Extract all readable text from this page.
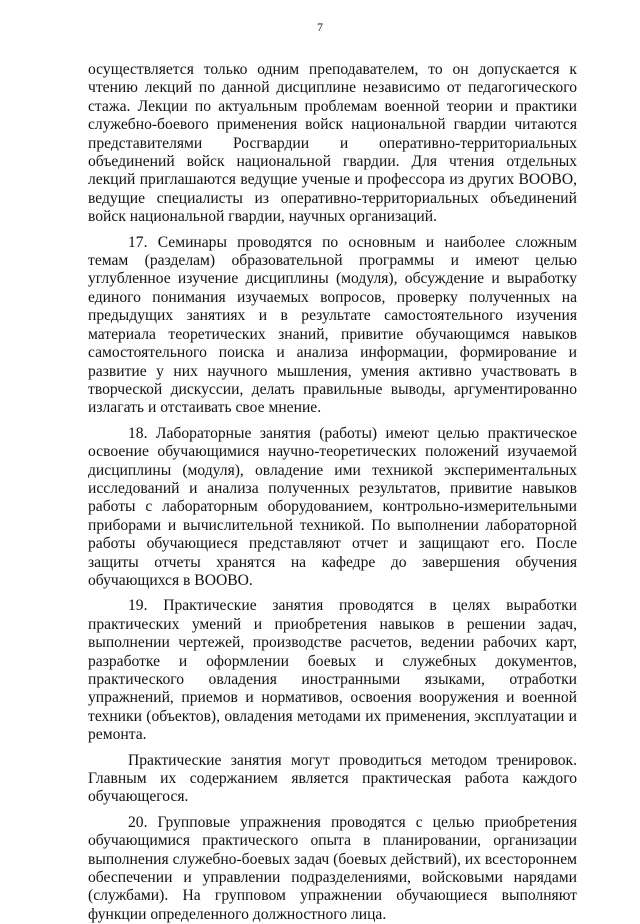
7

осуществляется только одним преподавателем, то он допускается к чтению лекций по данной дисциплине независимо от педагогического стажа. Лекции по актуальным проблемам военной теории и практики служебно-боевого применения войск национальной гвардии читаются представителями Росгвардии и оперативно-территориальных объединений войск национальной гвардии. Для чтения отдельных лекций приглашаются ведущие ученые и профессора из других ВООВО, ведущие специалисты из оперативно-территориальных объединений войск национальной гвардии, научных организаций.

17. Семинары проводятся по основным и наиболее сложным темам (разделам) образовательной программы и имеют целью углубленное изучение дисциплины (модуля), обсуждение и выработку единого понимания изучаемых вопросов, проверку полученных на предыдущих занятиях и в результате самостоятельного изучения материала теоретических знаний, привитие обучающимся навыков самостоятельного поиска и анализа информации, формирование и развитие у них научного мышления, умения активно участвовать в творческой дискуссии, делать правильные выводы, аргументированно излагать и отстаивать свое мнение.

18. Лабораторные занятия (работы) имеют целью практическое освоение обучающимися научно-теоретических положений изучаемой дисциплины (модуля), овладение ими техникой экспериментальных исследований и анализа полученных результатов, привитие навыков работы с лабораторным оборудованием, контрольно-измерительными приборами и вычислительной техникой. По выполнении лабораторной работы обучающиеся представляют отчет и защищают его. После защиты отчеты хранятся на кафедре до завершения обучения обучающихся в ВООВО.

19. Практические занятия проводятся в целях выработки практических умений и приобретения навыков в решении задач, выполнении чертежей, производстве расчетов, ведении рабочих карт, разработке и оформлении боевых и служебных документов, практического овладения иностранными языками, отработки упражнений, приемов и нормативов, освоения вооружения и военной техники (объектов), овладения методами их применения, эксплуатации и ремонта.

Практические занятия могут проводиться методом тренировок. Главным их содержанием является практическая работа каждого обучающегося.

20. Групповые упражнения проводятся с целью приобретения обучающимися практического опыта в планировании, организации выполнения служебно-боевых задач (боевых действий), их всестороннем обеспечении и управлении подразделениями, войсковыми нарядами (службами). На групповом упражнении обучающиеся выполняют функции определенного должностного лица.
